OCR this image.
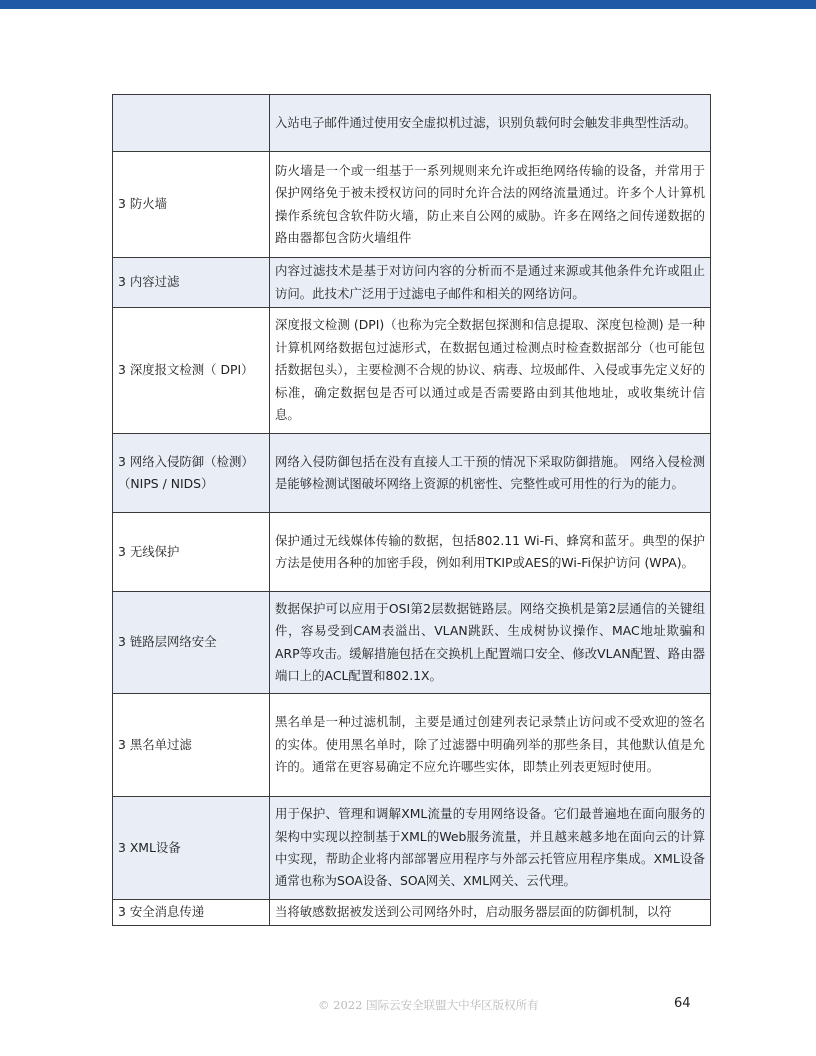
	入站电子邮件通过使用安全虚拟机过滤，识别负载何时会触发非典型性活动。
3 防火墙	防火墙是一个或一组基于一系列规则来允许或拒绝网络传输的设备，并常用于保护网络免于被未授权访问的同时允许合法的网络流量通过。许多个人计算机操作系统包含软件防火墙，防止来自公网的威胁。许多在网络之间传递数据的路由器都包含防火墙组件
3 内容过滤	内容过滤技术是基于对访问内容的分析而不是通过来源或其他条件允许或阻止访问。此技术广泛用于过滤电子邮件和相关的网络访问。
3 深度报文检测（ DPI）	深度报文检测 (DPI)（也称为完全数据包探测和信息提取、深度包检测) 是一种计算机网络数据包过滤形式，在数据包通过检测点时检查数据部分（也可能包括数据包头），主要检测不合规的协议、病毒、垃圾邮件、入侵或事先定义好的标准，确定数据包是否可以通过或是否需要路由到其他地址，或收集统计信息。
3 网络入侵防御（检测）（NIPS / NIDS）	网络入侵防御包括在没有直接人工干预的情况下采取防御措施。 网络入侵检测是能够检测试图破坏网络上资源的机密性、完整性或可用性的行为的能力。
3 无线保护	保护通过无线媒体传输的数据，包括802.11 Wi-Fi、蜂窝和蓝牙。典型的保护方法是使用各种的加密手段，例如利用TKIP或AES的Wi-Fi保护访问 (WPA)。
3 链路层网络安全	数据保护可以应用于OSI第2层数据链路层。网络交换机是第2层通信的关键组件，容易受到CAM表溢出、VLAN跳跃、生成树协议操作、MAC地址欺骗和ARP等攻击。缓解措施包括在交换机上配置端口安全、修改VLAN配置、路由器端口上的ACL配置和802.1X。
3 黑名单过滤	黑名单是一种过滤机制，主要是通过创建列表记录禁止访问或不受欢迎的签名的实体。使用黑名单时，除了过滤器中明确列举的那些条目，其他默认值是允许的。通常在更容易确定不应允许哪些实体，即禁止列表更短时使用。
3 XML设备	用于保护、管理和调解XML流量的专用网络设备。它们最普遍地在面向服务的架构中实现以控制基于XML的Web服务流量，并且越来越多地在面向云的计算中实现，帮助企业将内部部署应用程序与外部云托管应用程序集成。XML设备通常也称为SOA设备、SOA网关、XML网关、云代理。
3 安全消息传递	当将敏感数据被发送到公司网络外时，启动服务器层面的防御机制，以符
© 2022 国际云安全联盟大中华区版权所有	64
